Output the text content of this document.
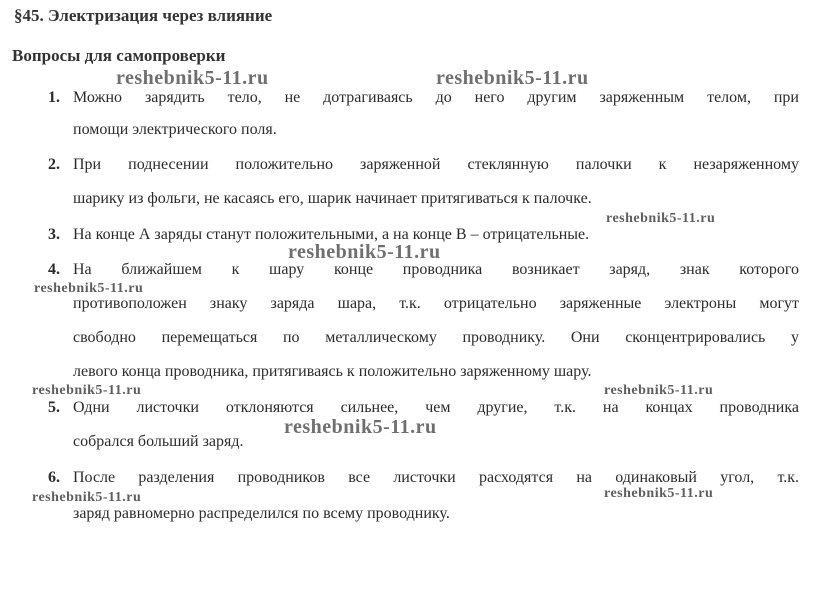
§45. Электризация через влияние
Вопросы для самопроверки
1. Можно зарядить тело, не дотрагиваясь до него другим заряженным телом, при
помощи электрического поля.
2. При поднесении положительно заряженной стеклянную палочки к незаряженному
шарику из фольги, не касаясь его, шарик начинает притягиваться к палочке.
3. На конце А заряды станут положительными, а на конце В – отрицательные.
4. На ближайшем к шару конце проводника возникает заряд, знак которого
противоположен знаку заряда шара, т.к. отрицательно заряженные электроны могут
свободно перемещаться по металлическому проводнику. Они сконцентрировались у
левого конца проводника, притягиваясь к положительно заряженному шару.
5. Одни листочки отклоняются сильнее, чем другие, т.к. на концах проводника
собрался больший заряд.
6. После разделения проводников все листочки расходятся на одинаковый угол, т.к.
заряд равномерно распределился по всему проводнику.
reshebnik5-11.ru	reshebnik5-11.ru
reshebnik5-11.ru
reshebnik5-11.ru
reshebnik5-11.ru
reshebnik5-11.ru	reshebnik5-11.ru
reshebnik5-11.ru
reshebnik5-11.ru	reshebnik5-11.ru
